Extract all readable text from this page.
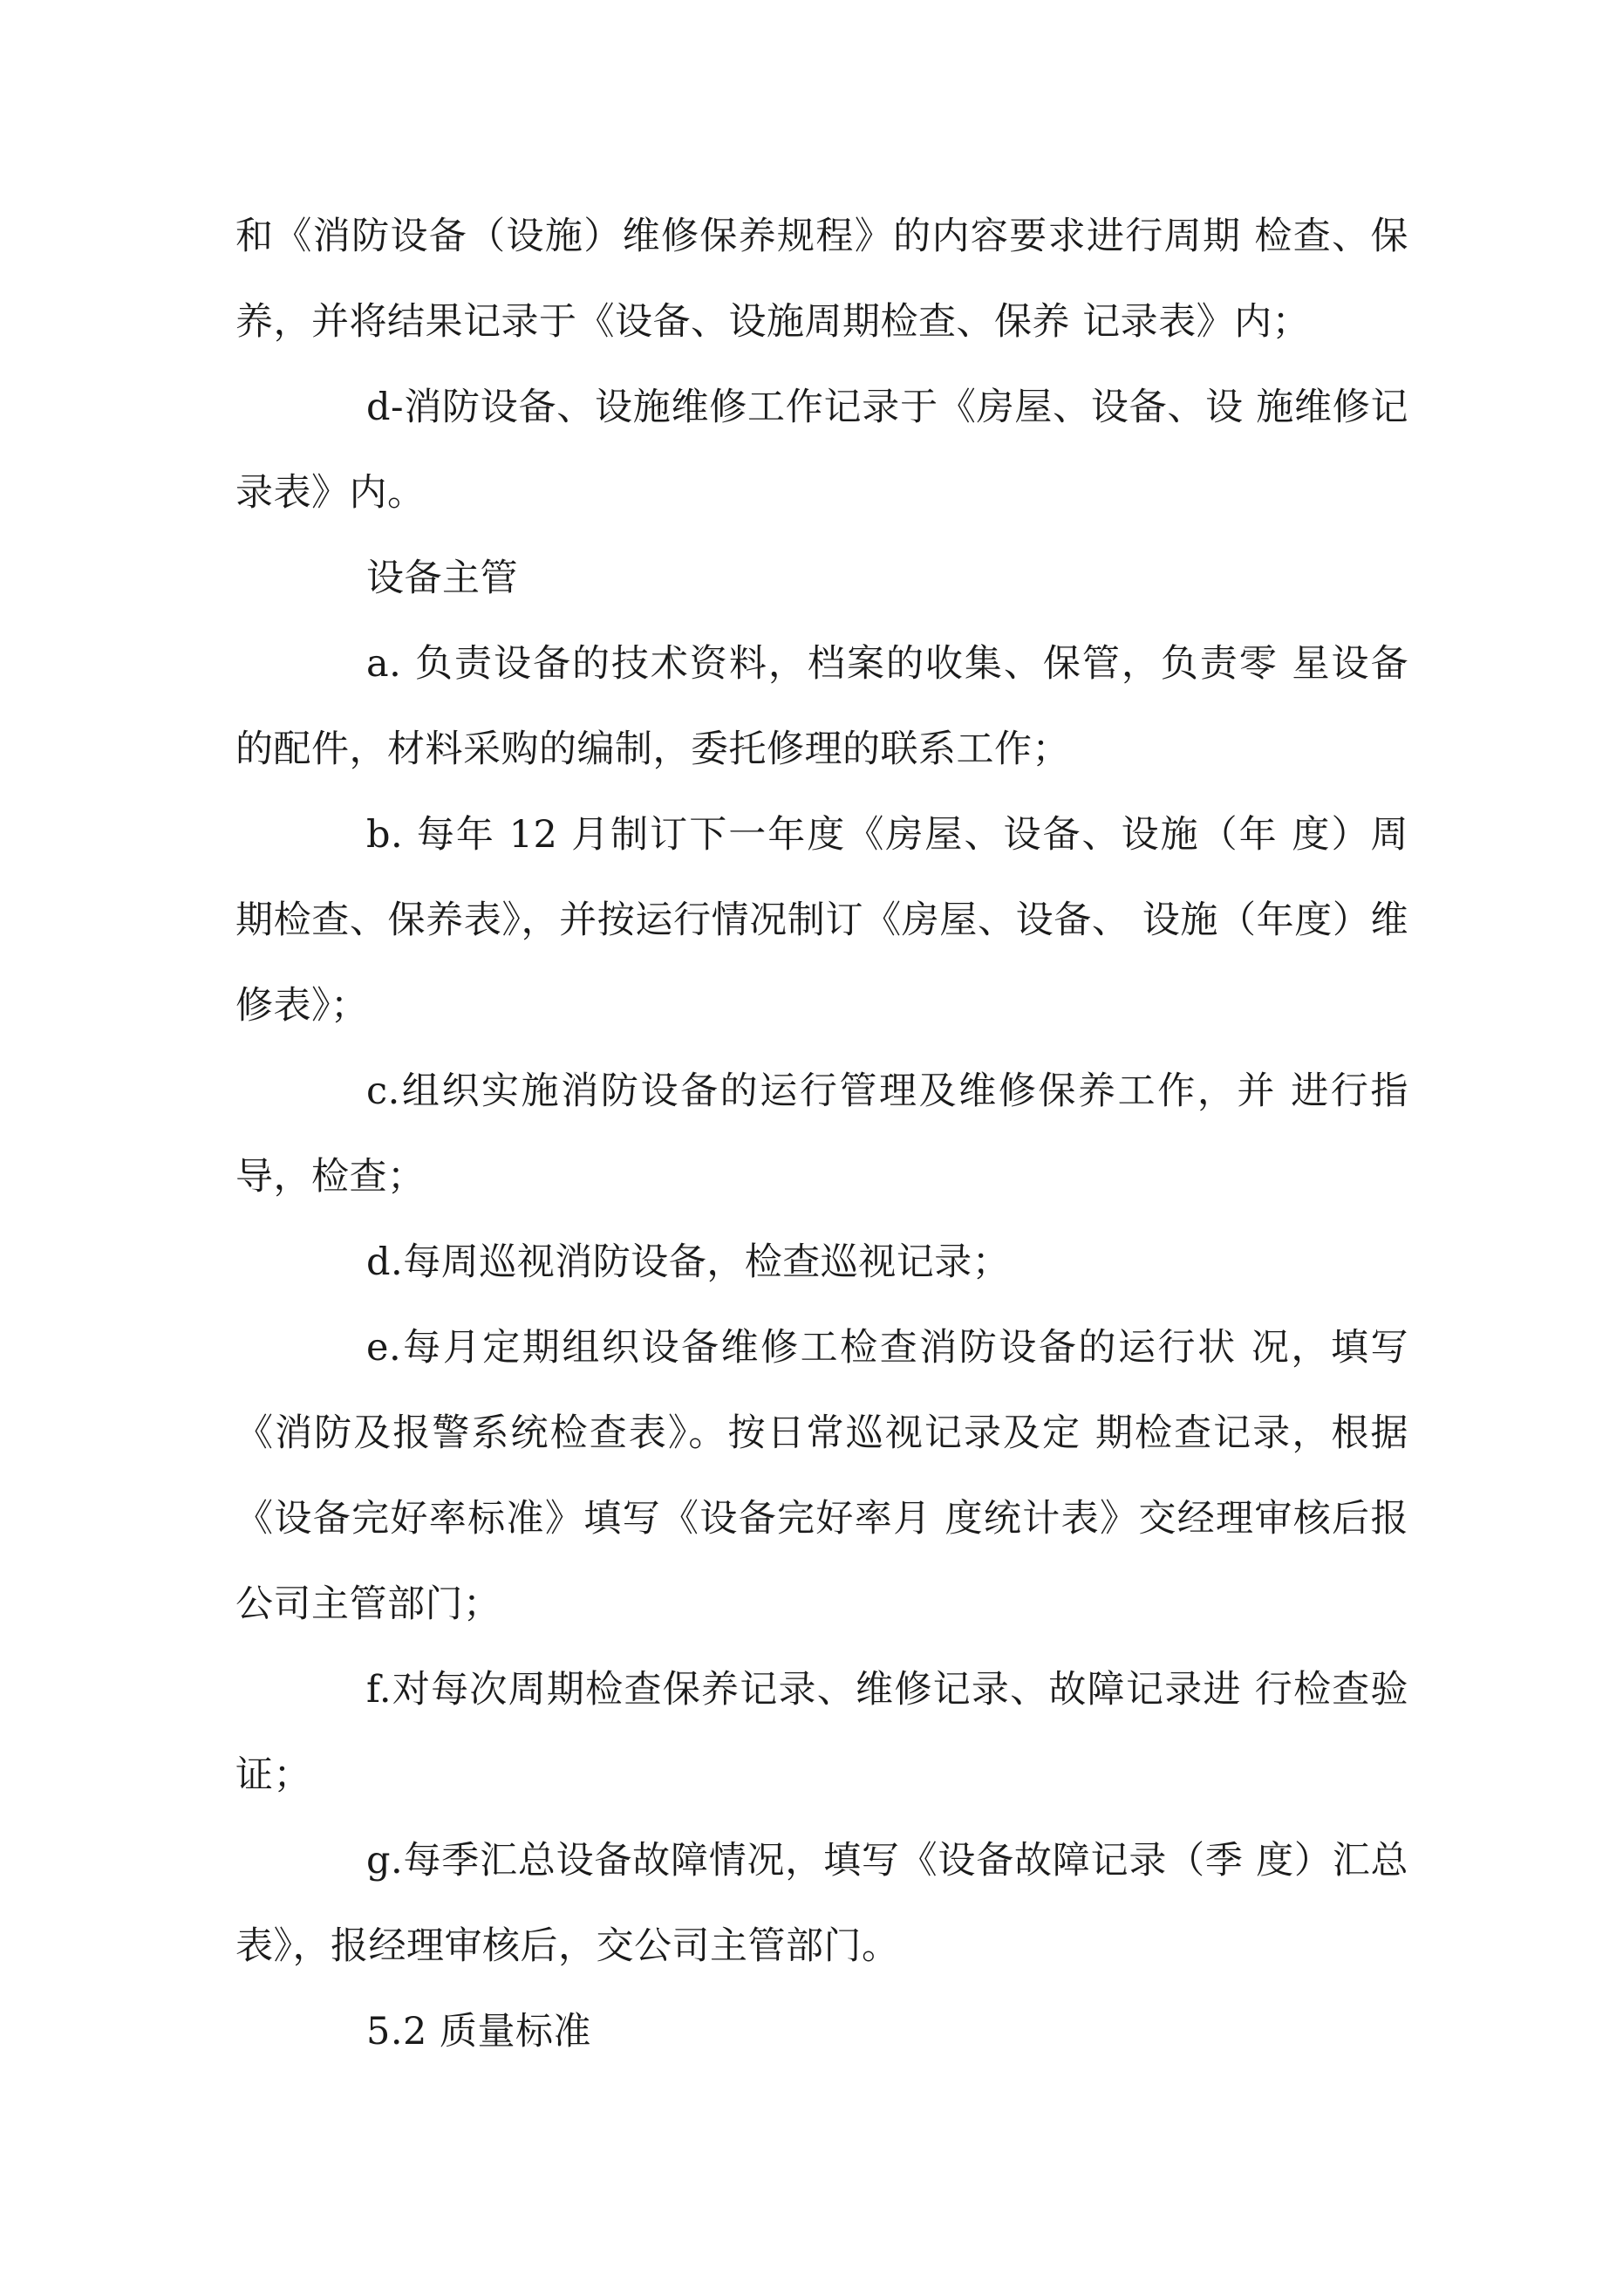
和《消防设备（设施）维修保养规程》的内容要求进行周期 检查、保养，并将结果记录于《设备、设施周期检查、保养 记录表》内；

d-消防设备、设施维修工作记录于《房屋、设备、设 施维修记录表》内。

设备主管

a. 负责设备的技术资料，档案的收集、保管，负责零 星设备的配件，材料采购的编制，委托修理的联系工作；

b. 每年 12 月制订下一年度《房屋、设备、设施（年 度）周期检查、保养表》，并按运行情况制订《房屋、设备、 设施（年度）维修表》；

c.组织实施消防设备的运行管理及维修保养工作，并 进行指导，检查；

d.每周巡视消防设备，检查巡视记录；

e.每月定期组织设备维修工检查消防设备的运行状 况，填写《消防及报警系统检查表》。按日常巡视记录及定 期检查记录，根据《设备完好率标准》填写《设备完好率月 度统计表》交经理审核后报公司主管部门；

f.对每次周期检查保养记录、维修记录、故障记录进 行检查验证；

g.每季汇总设备故障情况，填写《设备故障记录（季 度）汇总表》，报经理审核后，交公司主管部门。

5.2 质量标准
